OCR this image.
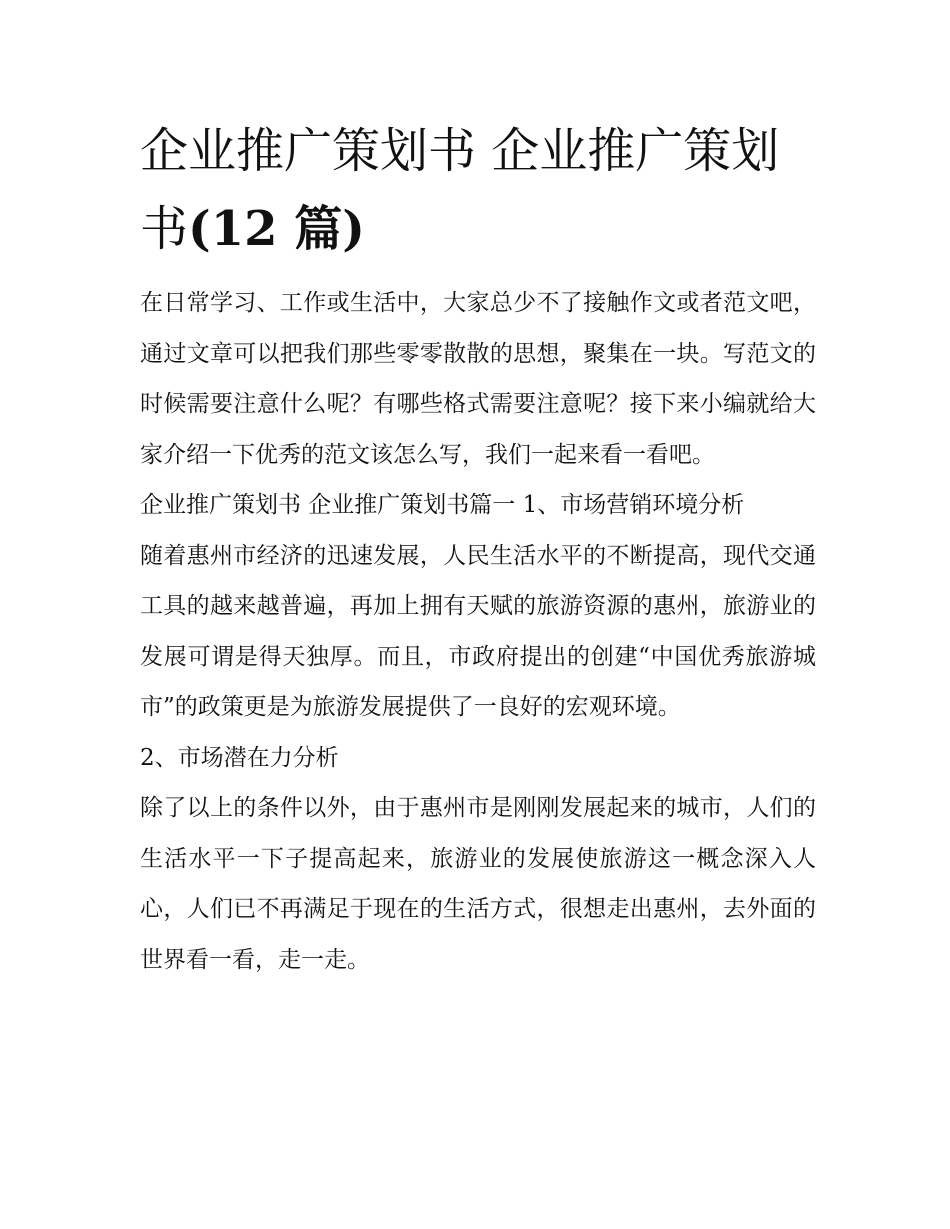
企业推广策划书 企业推广策划书(12 篇)

在日常学习、工作或生活中，大家总少不了接触作文或者范文吧，通过文章可以把我们那些零零散散的思想，聚集在一块。写范文的时候需要注意什么呢？有哪些格式需要注意呢？接下来小编就给大家介绍一下优秀的范文该怎么写，我们一起来看一看吧。

企业推广策划书 企业推广策划书篇一 1、市场营销环境分析

随着惠州市经济的迅速发展，人民生活水平的不断提高，现代交通工具的越来越普遍，再加上拥有天赋的旅游资源的惠州，旅游业的发展可谓是得天独厚。而且，市政府提出的创建“中国优秀旅游城市”的政策更是为旅游发展提供了一良好的宏观环境。

2、市场潜在力分析

除了以上的条件以外，由于惠州市是刚刚发展起来的城市，人们的生活水平一下子提高起来，旅游业的发展使旅游这一概念深入人心，人们已不再满足于现在的生活方式，很想走出惠州，去外面的世界看一看，走一走。
